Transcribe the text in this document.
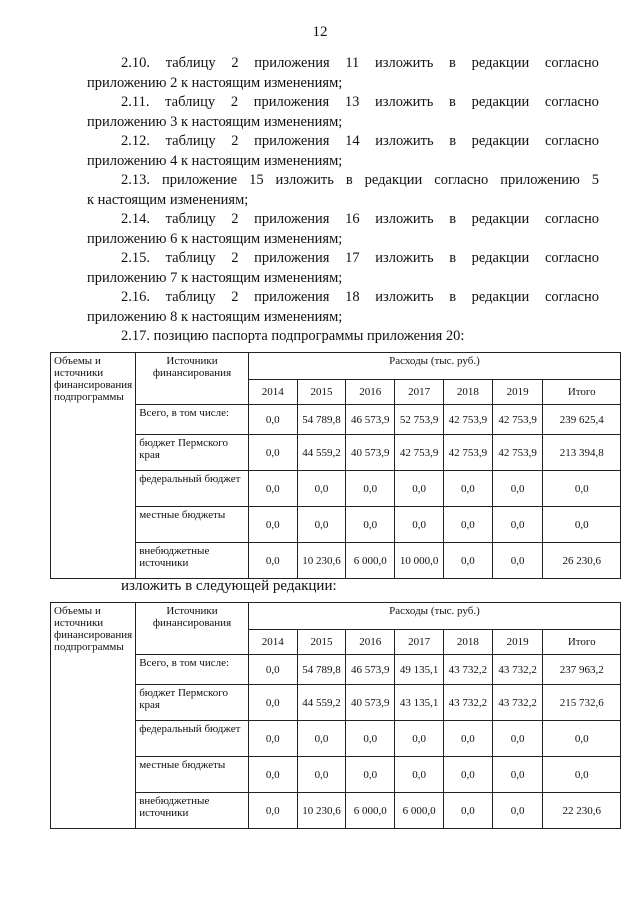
12
2.10. таблицу 2 приложения 11 изложить в редакции согласно
приложению 2 к настоящим изменениям;
2.11. таблицу 2 приложения 13 изложить в редакции согласно
приложению 3 к настоящим изменениям;
2.12. таблицу 2 приложения 14 изложить в редакции согласно
приложению 4 к настоящим изменениям;
2.13. приложение 15 изложить в редакции согласно приложению 5
к настоящим изменениям;
2.14. таблицу 2 приложения 16 изложить в редакции согласно
приложению 6 к настоящим изменениям;
2.15. таблицу 2 приложения 17 изложить в редакции согласно
приложению 7 к настоящим изменениям;
2.16. таблицу 2 приложения 18 изложить в редакции согласно
приложению 8 к настоящим изменениям;
2.17. позицию паспорта подпрограммы приложения 20:
Объемы и источники финансирования подпрограммы	Источники финансирования	Расходы (тыс. руб.)						
		2014	2015	2016	2017	2018	2019	Итого
	Всего, в том числе:	0,0	54 789,8	46 573,9	52 753,9	42 753,9	42 753,9	239 625,4
	бюджет Пермского края	0,0	44 559,2	40 573,9	42 753,9	42 753,9	42 753,9	213 394,8
	федеральный бюджет	0,0	0,0	0,0	0,0	0,0	0,0	0,0
	местные бюджеты	0,0	0,0	0,0	0,0	0,0	0,0	0,0
	внебюджетные источники	0,0	10 230,6	6 000,0	10 000,0	0,0	0,0	26 230,6
изложить в следующей редакции:
Объемы и источники финансирования подпрограммы	Источники финансирования	Расходы (тыс. руб.)						
		2014	2015	2016	2017	2018	2019	Итого
	Всего, в том числе:	0,0	54 789,8	46 573,9	49 135,1	43 732,2	43 732,2	237 963,2
	бюджет Пермского края	0,0	44 559,2	40 573,9	43 135,1	43 732,2	43 732,2	215 732,6
	федеральный бюджет	0,0	0,0	0,0	0,0	0,0	0,0	0,0
	местные бюджеты	0,0	0,0	0,0	0,0	0,0	0,0	0,0
	внебюджетные источники	0,0	10 230,6	6 000,0	6 000,0	0,0	0,0	22 230,6
